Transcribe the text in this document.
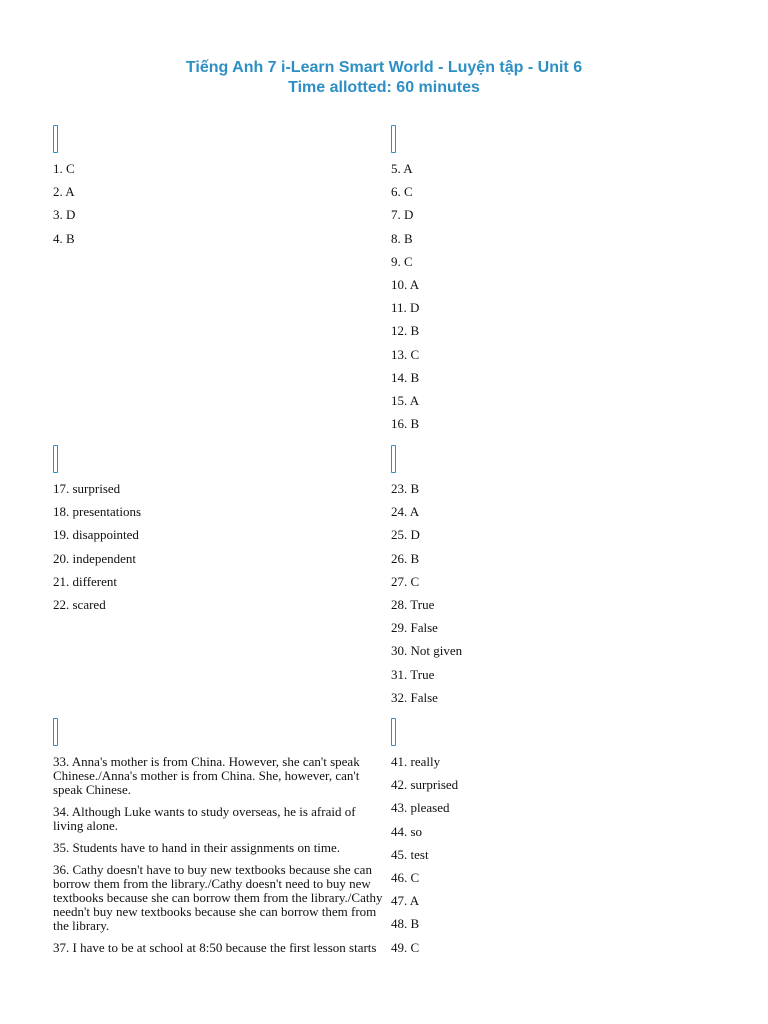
Tiếng Anh 7 i-Learn Smart World - Luyện tập - Unit 6
Time allotted: 60 minutes
1. C
2. A
3. D
4. B
5. A
6. C
7. D
8. B
9. C
10. A
11. D
12. B
13. C
14. B
15. A
16. B
17. surprised
18. presentations
19. disappointed
20. independent
21. different
22. scared
23. B
24. A
25. D
26. B
27. C
28. True
29. False
30. Not given
31. True
32. False
33. Anna's mother is from China. However, she can't speak Chinese./Anna's mother is from China. She, however, can't speak Chinese.
34. Although Luke wants to study overseas, he is afraid of living alone.
35. Students have to hand in their assignments on time.
36. Cathy doesn't have to buy new textbooks because she can borrow them from the library./Cathy doesn't need to buy new textbooks because she can borrow them from the library./Cathy needn't buy new textbooks because she can borrow them from the library.
37. I have to be at school at 8:50 because the first lesson starts
41. really
42. surprised
43. pleased
44. so
45. test
46. C
47. A
48. B
49. C
